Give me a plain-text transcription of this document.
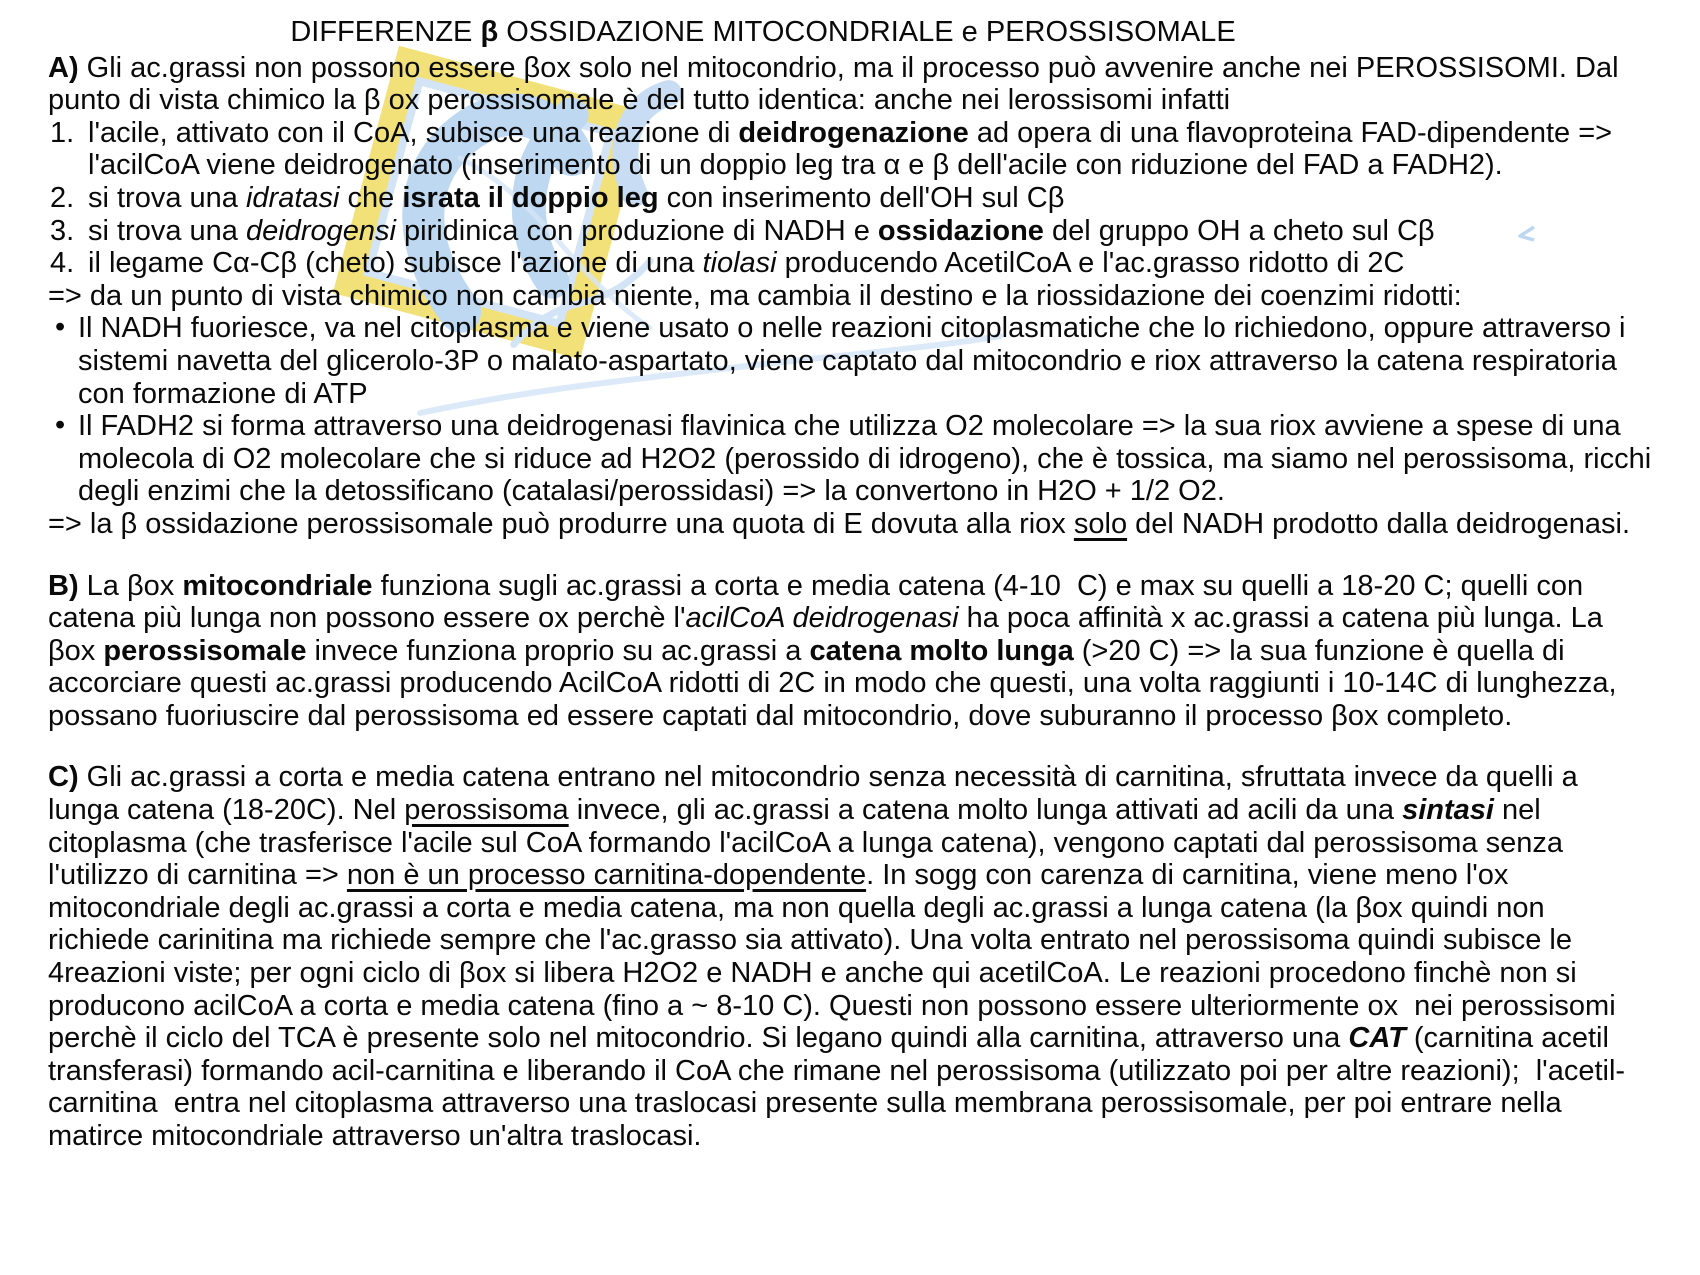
DIFFERENZE β OSSIDAZIONE MITOCONDRIALE e PEROSSISOMALE
A) Gli ac.grassi non possono essere βox solo nel mitocondrio, ma il processo può avvenire anche nei PEROSSISOMI. Dal punto di vista chimico la β ox perossisomale è del tutto identica: anche nei lerossisomi infatti
1. l'acile, attivato con il CoA, subisce una reazione di deidrogenazione ad opera di una flavoproteina FAD-dipendente => l'acilCoA viene deidrogenato (inserimento di un doppio leg tra α e β dell'acile con riduzione del FAD a FADH2).
2. si trova una idratasi che israta il doppio leg con inserimento dell'OH sul Cβ
3. si trova una deidrogensi piridinica con produzione di NADH e ossidazione del gruppo OH a cheto sul Cβ
4. il legame Cα-Cβ (cheto) subisce l'azione di una tiolasi producendo AcetilCoA e l'ac.grasso ridotto di 2C
=> da un punto di vista chimico non cambia niente, ma cambia il destino e la riossidazione dei coenzimi ridotti:
• Il NADH fuoriesce, va nel citoplasma e viene usato o nelle reazioni citoplasmatiche che lo richiedono, oppure attraverso i sistemi navetta del glicerolo-3P o malato-aspartato, viene captato dal mitocondrio e riox attraverso la catena respiratoria con formazione di ATP
• Il FADH2 si forma attraverso una deidrogenasi flavinica che utilizza O2 molecolare => la sua riox avviene a spese di una molecola di O2 molecolare che si riduce ad H2O2 (perossido di idrogeno), che è tossica, ma siamo nel perossisoma, ricchi degli enzimi che la detossificano (catalasi/perossidasi) => la convertono in H2O + 1/2 O2.
=> la β ossidazione perossisomale può produrre una quota di E dovuta alla riox solo del NADH prodotto dalla deidrogenasi.
B) La βox mitocondriale funziona sugli ac.grassi a corta e media catena (4-10  C) e max su quelli a 18-20 C; quelli con catena più lunga non possono essere ox perchè l'acilCoA deidrogenasi ha poca affinità x ac.grassi a catena più lunga. La βox perossisomale invece funziona proprio su ac.grassi a catena molto lunga (>20 C) => la sua funzione è quella di accorciare questi ac.grassi producendo AcilCoA ridotti di 2C in modo che questi, una volta raggiunti i 10-14C di lunghezza, possano fuoriuscire dal perossisoma ed essere captati dal mitocondrio, dove suburanno il processo βox completo.
C) Gli ac.grassi a corta e media catena entrano nel mitocondrio senza necessità di carnitina, sfruttata invece da quelli a lunga catena (18-20C). Nel perossisoma invece, gli ac.grassi a catena molto lunga attivati ad acili da una sintasi nel citoplasma (che trasferisce l'acile sul CoA formando l'acilCoA a lunga catena), vengono captati dal perossisoma senza l'utilizzo di carnitina => non è un processo carnitina-dopendente. In sogg con carenza di carnitina, viene meno l'ox mitocondriale degli ac.grassi a corta e media catena, ma non quella degli ac.grassi a lunga catena (la βox quindi non richiede carinitina ma richiede sempre che l'ac.grasso sia attivato). Una volta entrato nel perossisoma quindi subisce le 4reazioni viste; per ogni ciclo di βox si libera H2O2 e NADH e anche qui acetilCoA. Le reazioni procedono finchè non si producono acilCoA a corta e media catena (fino a ~ 8-10 C). Questi non possono essere ulteriormente ox  nei perossisomi perchè il ciclo del TCA è presente solo nel mitocondrio. Si legano quindi alla carnitina, attraverso una CAT (carnitina acetil transferasi) formando acil-carnitina e liberando il CoA che rimane nel perossisoma (utilizzato poi per altre reazioni);  l'acetil-carnitina  entra nel citoplasma attraverso una traslocasi presente sulla membrana perossisomale, per poi entrare nella matirce mitocondriale attraverso un'altra traslocasi.
